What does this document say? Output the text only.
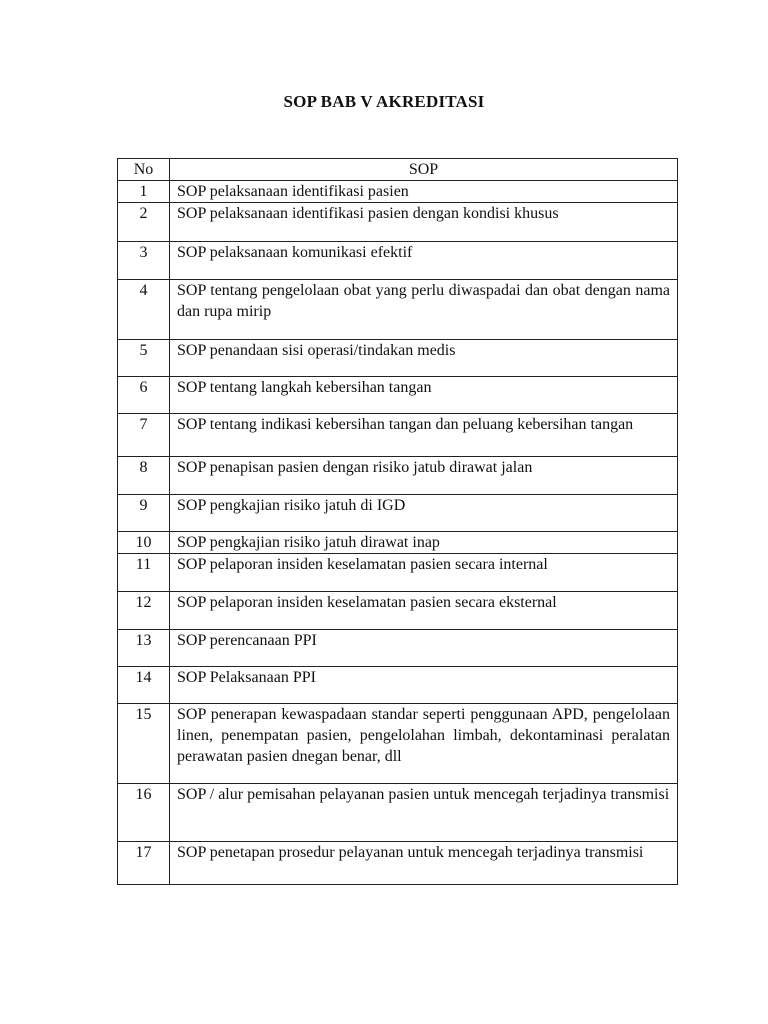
SOP BAB V AKREDITASI
No	SOP
1	SOP pelaksanaan identifikasi pasien
2	SOP pelaksanaan identifikasi pasien dengan kondisi khusus
3	SOP pelaksanaan komunikasi efektif
4	SOP tentang pengelolaan obat yang perlu diwaspadai dan obat dengan nama dan rupa mirip
5	SOP penandaan sisi operasi/tindakan medis
6	SOP tentang langkah kebersihan tangan
7	SOP tentang indikasi kebersihan tangan dan peluang kebersihan tangan
8	SOP penapisan pasien dengan risiko jatub dirawat jalan
9	SOP pengkajian risiko jatuh di IGD
10	SOP pengkajian risiko jatuh dirawat inap
11	SOP pelaporan insiden keselamatan pasien secara internal
12	SOP pelaporan insiden keselamatan pasien secara eksternal
13	SOP perencanaan PPI
14	SOP Pelaksanaan PPI
15	SOP penerapan kewaspadaan standar seperti penggunaan APD, pengelolaan linen, penempatan pasien, pengelolahan limbah, dekontaminasi peralatan perawatan pasien dnegan benar, dll
16	SOP / alur pemisahan pelayanan pasien untuk mencegah terjadinya transmisi
17	SOP penetapan prosedur pelayanan untuk mencegah terjadinya transmisi
